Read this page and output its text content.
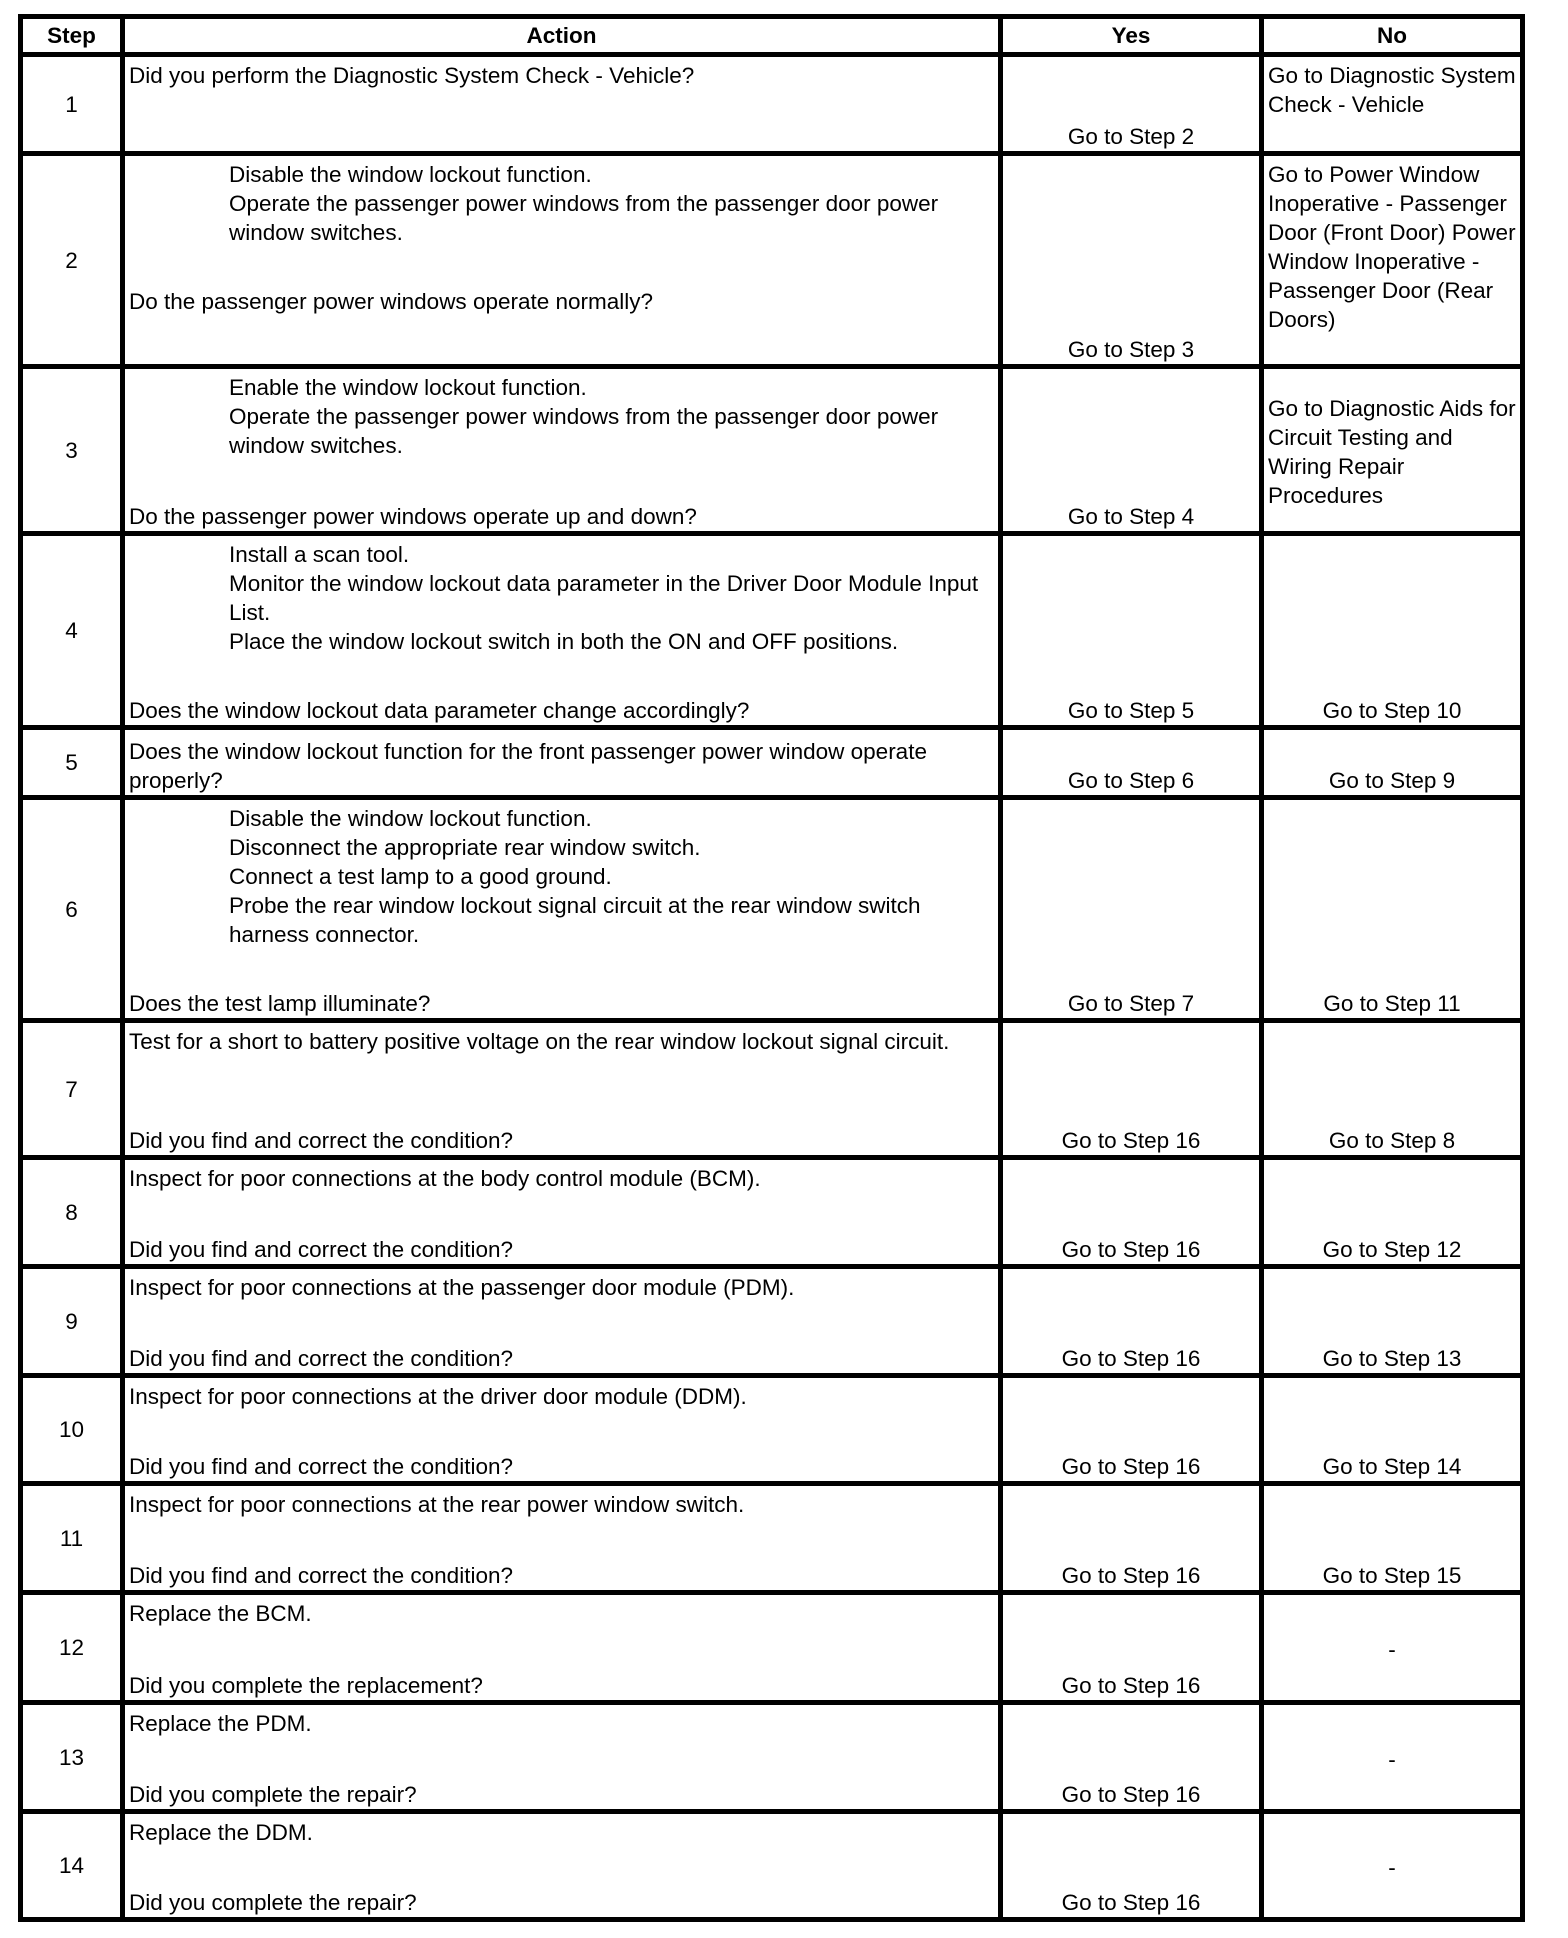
Step	Action	Yes	No
1	Did you perform the Diagnostic System Check - Vehicle?	Go to Step 2	Go to Diagnostic System Check - Vehicle

2	Disable the window lockout function.
Operate the passenger power windows from the passenger door power window switches.
Do the passenger power windows operate normally?	Go to Step 3	Go to Power Window Inoperative - Passenger Door (Front Door) Power Window Inoperative - Passenger Door (Rear Doors)

3	Enable the window lockout function.
Operate the passenger power windows from the passenger door power window switches.
Do the passenger power windows operate up and down?	Go to Step 4	Go to Diagnostic Aids for Circuit Testing and Wiring Repair Procedures

4	Install a scan tool.
Monitor the window lockout data parameter in the Driver Door Module Input List.
Place the window lockout switch in both the ON and OFF positions.
Does the window lockout data parameter change accordingly?	Go to Step 5	Go to Step 10

5	Does the window lockout function for the front passenger power window operate properly?	Go to Step 6	Go to Step 9

6	Disable the window lockout function.
Disconnect the appropriate rear window switch.
Connect a test lamp to a good ground.
Probe the rear window lockout signal circuit at the rear window switch harness connector.
Does the test lamp illuminate?	Go to Step 7	Go to Step 11

7	Test for a short to battery positive voltage on the rear window lockout signal circuit.
Did you find and correct the condition?	Go to Step 16	Go to Step 8

8	Inspect for poor connections at the body control module (BCM).
Did you find and correct the condition?	Go to Step 16	Go to Step 12

9	Inspect for poor connections at the passenger door module (PDM).
Did you find and correct the condition?	Go to Step 16	Go to Step 13

10	Inspect for poor connections at the driver door module (DDM).
Did you find and correct the condition?	Go to Step 16	Go to Step 14

11	Inspect for poor connections at the rear power window switch.
Did you find and correct the condition?	Go to Step 16	Go to Step 15

12	Replace the BCM.
Did you complete the replacement?	Go to Step 16	-

13	Replace the PDM.
Did you complete the repair?	Go to Step 16	-

14	Replace the DDM.
Did you complete the repair?	Go to Step 16	-
